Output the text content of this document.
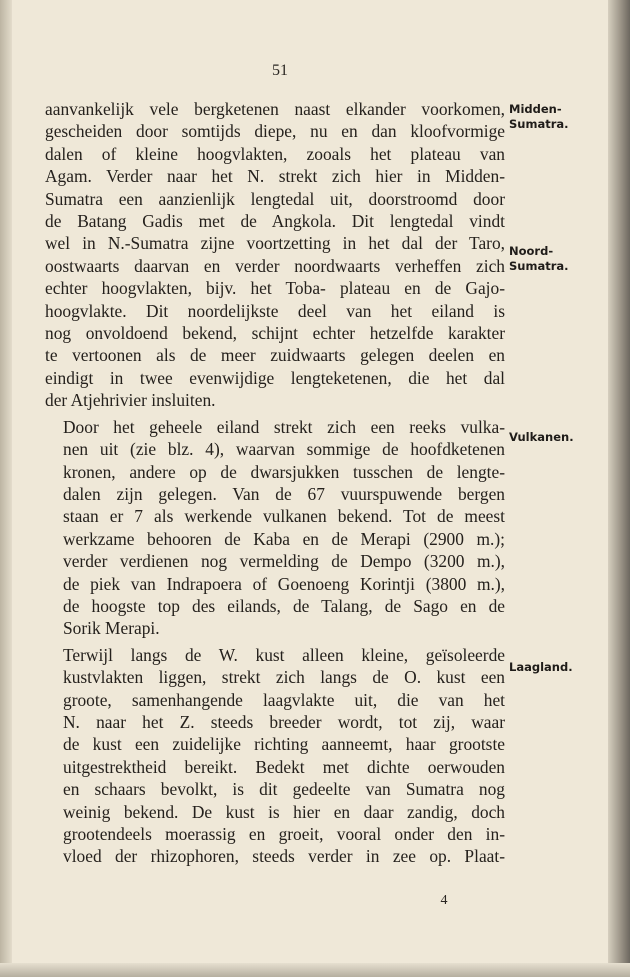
51

aanvankelijk vele bergketenen naast elkander voorkomen,
gescheiden door somtijds diepe, nu en dan kloofvormige
dalen of kleine hoogvlakten, zooals het plateau van
Agam. Verder naar het N. strekt zich hier in Midden-
Sumatra een aanzienlijk lengtedal uit, doorstroomd door
de Batang Gadis met de Angkola. Dit lengtedal vindt
wel in N.-Sumatra zijne voortzetting in het dal der Taro,
oostwaarts daarvan en verder noordwaarts verheffen zich
echter hoogvlakten, bijv. het Toba- plateau en de Gajo-
hoogvlakte. Dit noordelijkste deel van het eiland is
nog onvoldoend bekend, schijnt echter hetzelfde karakter
te vertoonen als de meer zuidwaarts gelegen deelen en
eindigt in twee evenwijdige lengteketenen, die het dal
der Atjehrivier insluiten.

Door het geheele eiland strekt zich een reeks vulka-
nen uit (zie blz. 4), waarvan sommige de hoofdketenen
kronen, andere op de dwarsjukken tusschen de lengte-
dalen zijn gelegen. Van de 67 vuurspuwende bergen
staan er 7 als werkende vulkanen bekend. Tot de meest
werkzame behooren de Kaba en de Merapi (2900 m.);
verder verdienen nog vermelding de Dempo (3200 m.),
de piek van Indrapoera of Goenoeng Korintji (3800 m.),
de hoogste top des eilands, de Talang, de Sago en de
Sorik Merapi.

Terwijl langs de W. kust alleen kleine, geïsoleerde
kustvlakten liggen, strekt zich langs de O. kust een
groote, samenhangende laagvlakte uit, die van het
N. naar het Z. steeds breeder wordt, tot zij, waar
de kust een zuidelijke richting aanneemt, haar grootste
uitgestrektheid bereikt. Bedekt met dichte oerwouden
en schaars bevolkt, is dit gedeelte van Sumatra nog
weinig bekend. De kust is hier en daar zandig, doch
grootendeels moerassig en groeit, vooral onder den in-
vloed der rhizophoren, steeds verder in zee op. Plaat-

Midden-
Sumatra.
Noord-
Sumatra.
Vulkanen.
Laagland.
4
